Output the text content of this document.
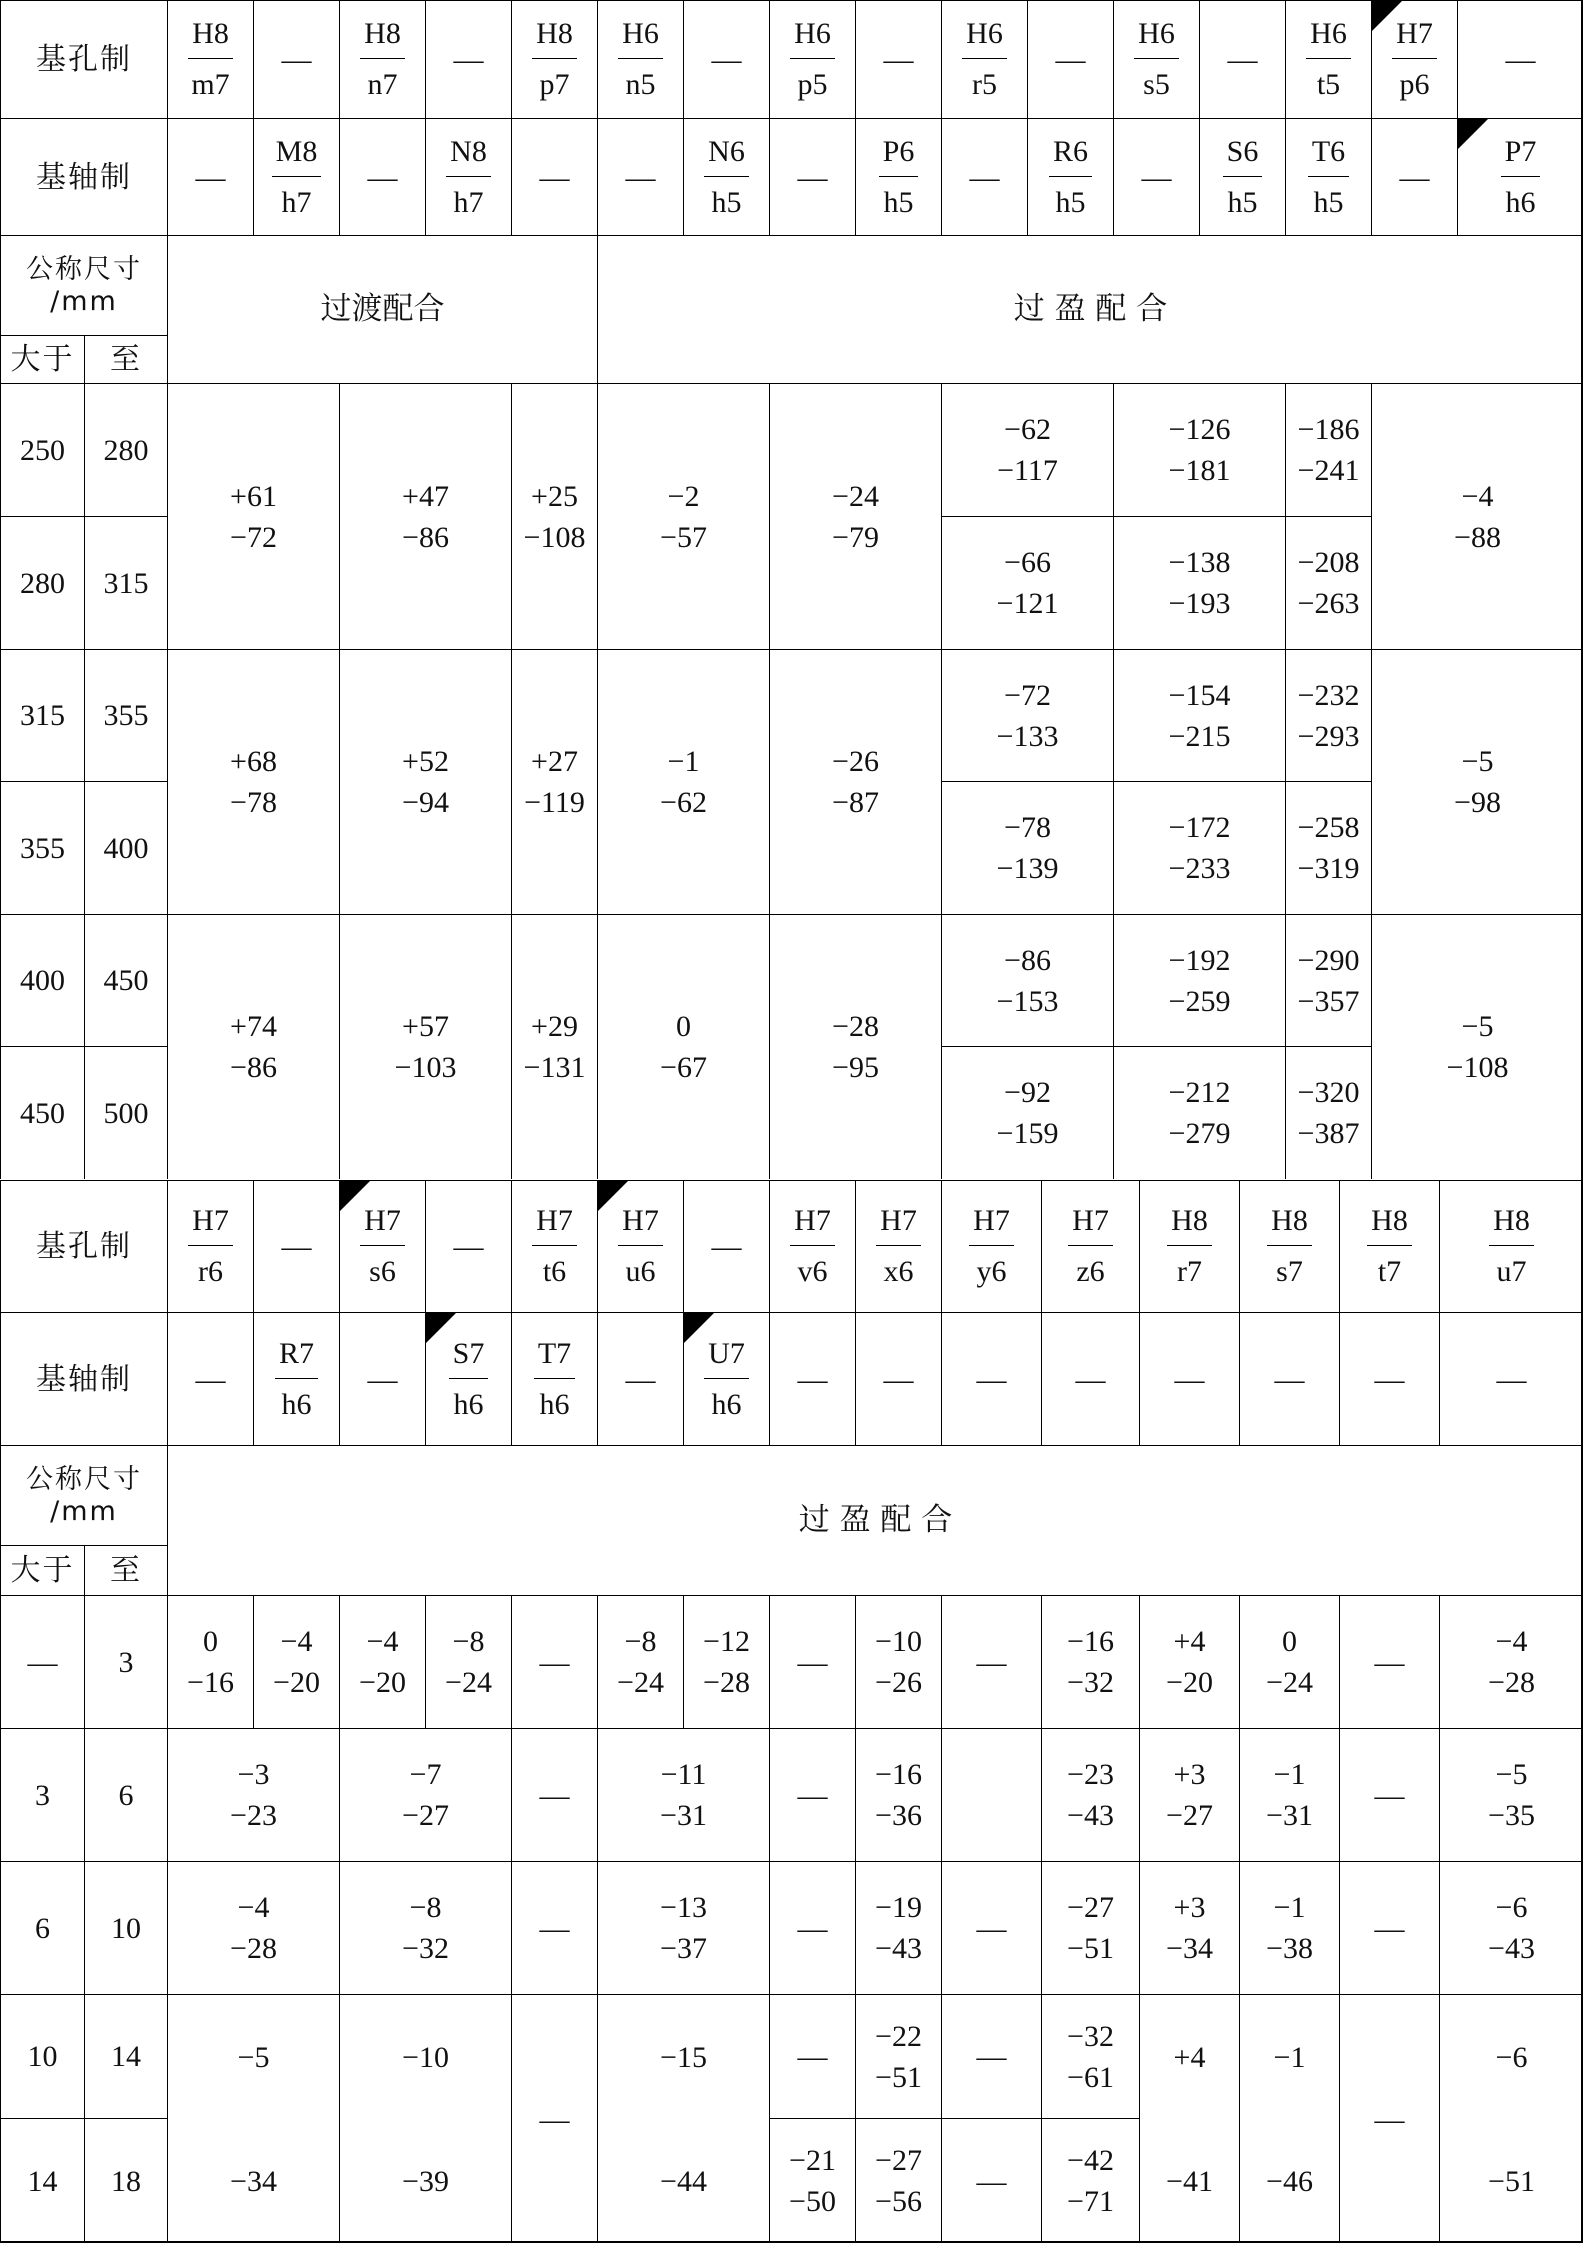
基孔制
H8
m7
—
H8
n7
—
H8
p7
H6
n5
—
H6
p5
—
H6
r5
—
H6
s5
—
H6
t5
H7
p6
—
基轴制 —
M8
h7
—
N8
h7
— —
N6
h5
—
P6
h5
—
R6
h5
—
S6
h5
T6
h5
—
P7
h6
公称尺寸
/mm
大于 至
过渡配合	过 盈 配 合
250 280
280 315
+61
−72
+47
−86
+25
−108
−2
−57
−24
−79
−62
−117
−126
−181
−186
−241
−66
−121
−138
−193
−208
−263
−4
−88
315 355
355 400
+68
−78
+52
−94
+27
−119
−1
−62
−26
−87
−72
−133
−154
−215
−232
−293
−78
−139
−172
−233
−258
−319
−5
−98
400 450
450 500
+74
−86
+57
−103
+29
−131
0
−67
−28
−95
−86
−153
−192
−259
−290
−357
−92
−159
−212
−279
−320
−387
−5
−108
基孔制
H7
r6
—
H7
s6
—
H7
t6
H7
u6
—
H7
v6
H7
x6
H7
y6
H7
z6
H8
r7
H8
s7
H8
t7
H8
u7
基轴制 —
R7
h6
—
S7
h6
T7
h6
—
U7
h6
— — — — — — —	—
公称尺寸
/mm
大于 至
过 盈 配 合
— 3
0
−16
−4
−20
−4
−20
−8
−24
—
−8
−24
−12
−28
—
−10
−26
—
−16
−32
+4
−20
0
−24
—
−4
−28
3 6
−3
−23
−7
−27
—
−11
−31
—
−16
−36
−23
−43
+3
−27
−1
−31
—
−5
−35
6 10
−4
−28
−8
−32
—
−13
−37
—
−19
−43
—
−27
−51
+3
−34
−1
−38
—
−6
−43
10 14
14 18
−5
−34
−10
−39
—
−15
−44
—
−21
−50
−22
−51
−27
−56
—
—
−32
−61
−42
−71
+4
−41
−1
−46
—
−6
−51
